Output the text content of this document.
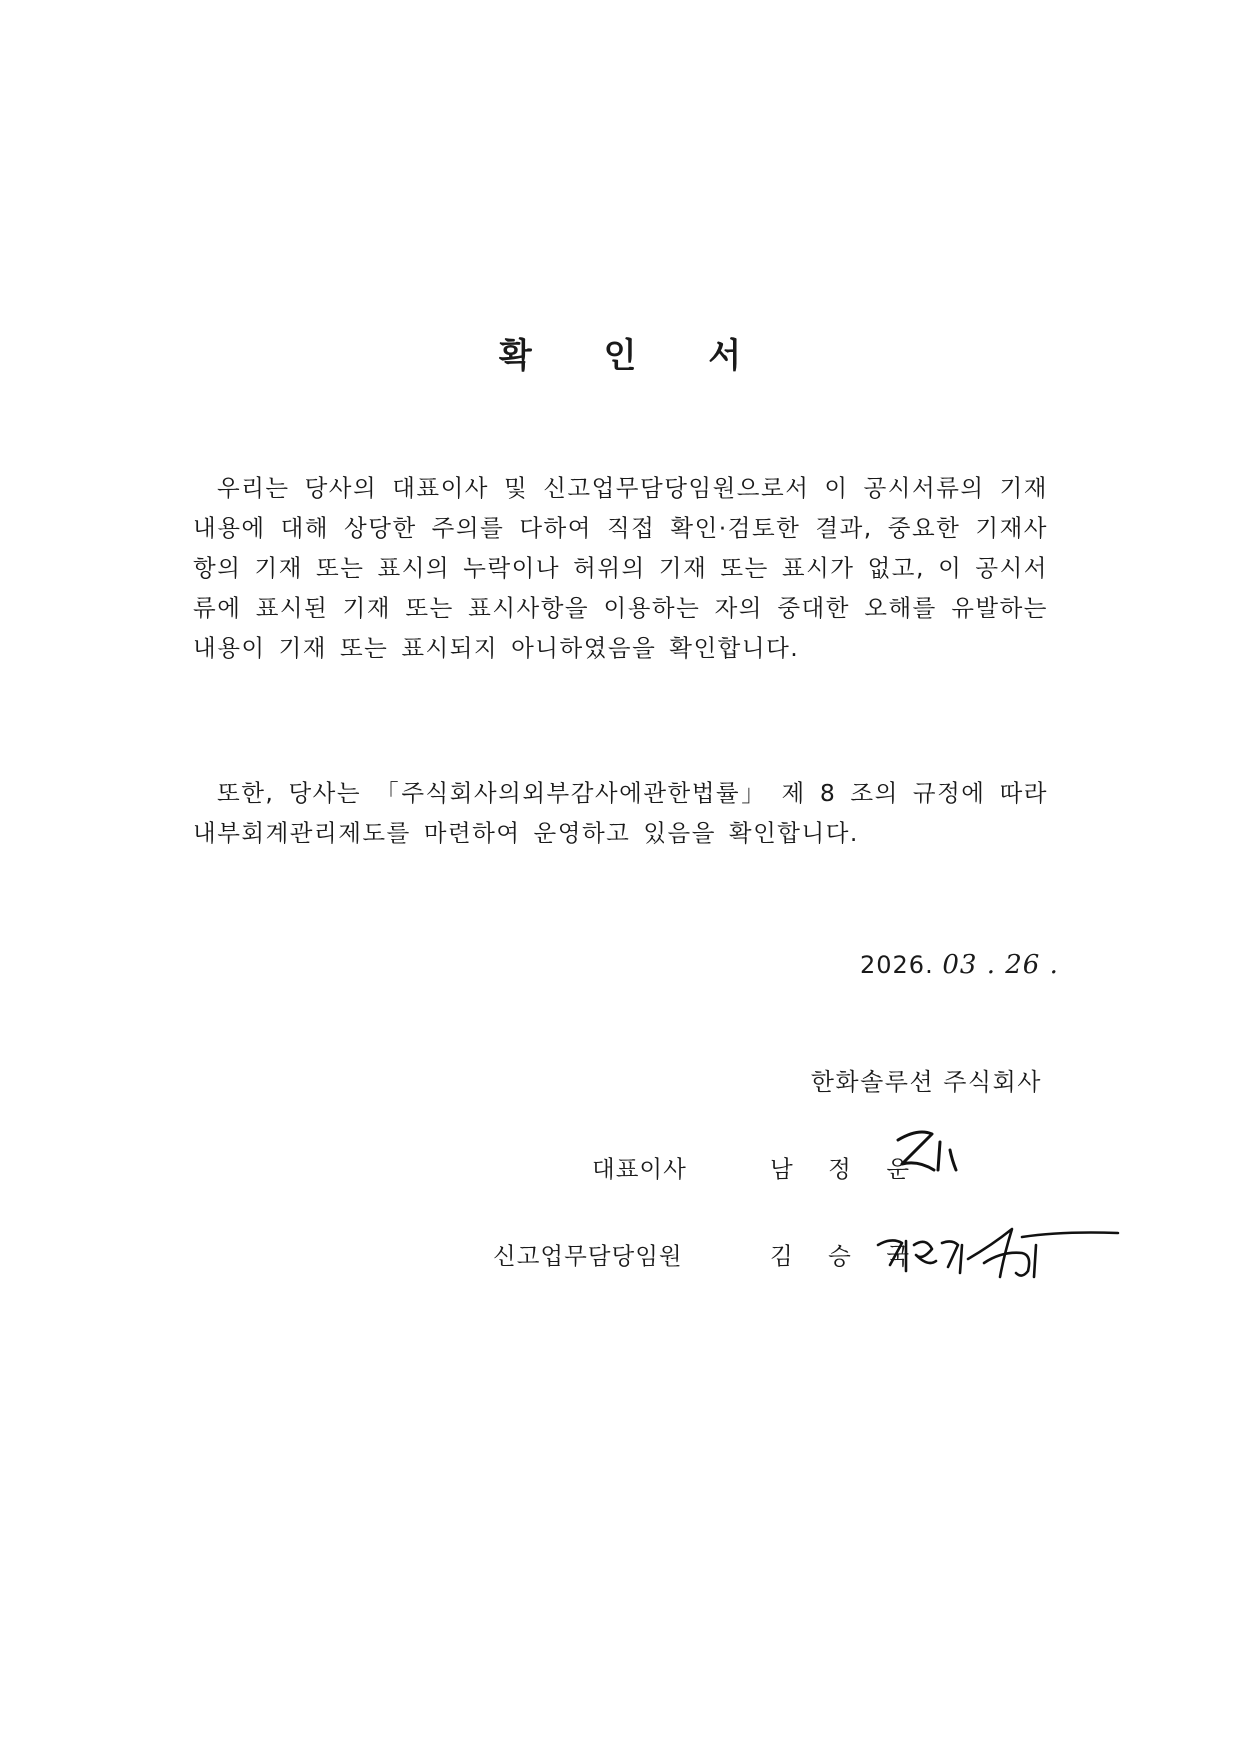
확 인 서

우리는 당사의 대표이사 및 신고업무담당임원으로서 이 공시서류의 기재내용에 대해 상당한 주의를 다하여 직접 확인·검토한 결과, 중요한 기재사항의 기재 또는 표시의 누락이나 허위의 기재 또는 표시가 없고, 이 공시서류에 표시된 기재 또는 표시사항을 이용하는 자의 중대한 오해를 유발하는 내용이 기재 또는 표시되지 아니하였음을 확인합니다.

또한, 당사는 「주식회사의외부감사에관한법률」 제 8 조의 규정에 따라 내부회계관리제도를 마련하여 운영하고 있음을 확인합니다.

2026. 03 . 26 .
한화솔루션 주식회사
대표이사	남 정 운
신고업무담당임원	김 승 국
